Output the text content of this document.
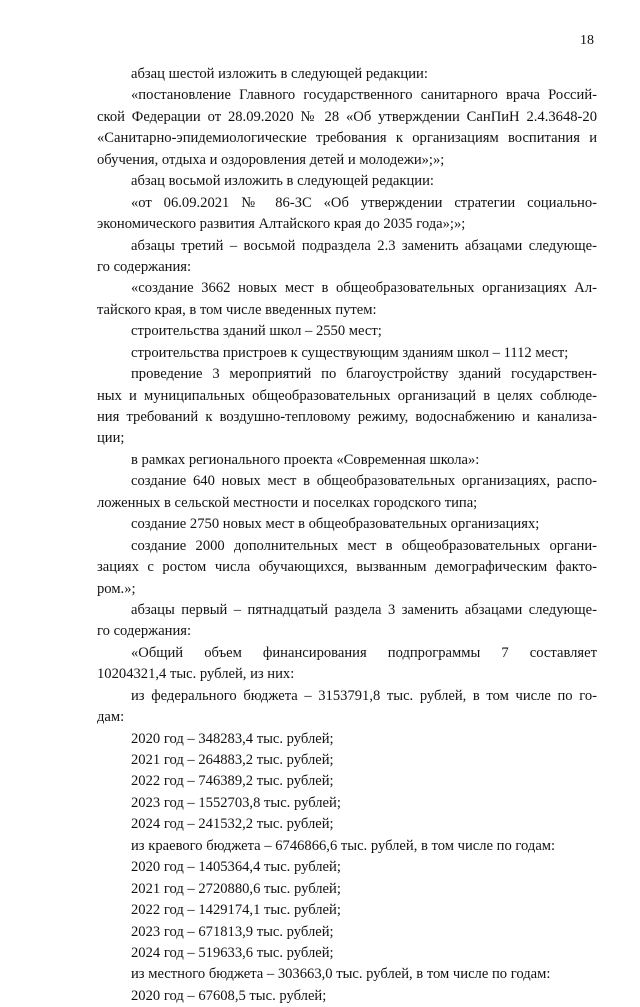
18
абзац шестой изложить в следующей редакции:
«постановление Главного государственного санитарного врача Россий-
ской Федерации от 28.09.2020 № 28 «Об утверждении СанПиН 2.4.3648-20
«Санитарно-эпидемиологические требования к организациям воспитания и
обучения, отдыха и оздоровления детей и молодежи»;»;
абзац восьмой изложить в следующей редакции:
«от 06.09.2021 № 86-ЗС «Об утверждении стратегии социально-
экономического развития Алтайского края до 2035 года»;»;
абзацы третий – восьмой подраздела 2.3 заменить абзацами следующе-
го содержания:
«создание 3662 новых мест в общеобразовательных организациях Ал-
тайского края, в том числе введенных путем:
строительства зданий школ – 2550 мест;
строительства пристроев к существующим зданиям школ – 1112 мест;
проведение 3 мероприятий по благоустройству зданий государствен-
ных и муниципальных общеобразовательных организаций в целях соблюде-
ния требований к воздушно-тепловому режиму, водоснабжению и канализа-
ции;
в рамках регионального проекта «Современная школа»:
создание 640 новых мест в общеобразовательных организациях, распо-
ложенных в сельской местности и поселках городского типа;
создание 2750 новых мест в общеобразовательных организациях;
создание 2000 дополнительных мест в общеобразовательных органи-
зациях с ростом числа обучающихся, вызванным демографическим факто-
ром.»;
абзацы первый – пятнадцатый раздела 3 заменить абзацами следующе-
го содержания:
«Общий объем финансирования подпрограммы 7 составляет
10204321,4 тыс. рублей, из них:
из федерального бюджета – 3153791,8 тыс. рублей, в том числе по го-
дам:
2020 год – 348283,4 тыс. рублей;
2021 год – 264883,2 тыс. рублей;
2022 год – 746389,2 тыс. рублей;
2023 год – 1552703,8 тыс. рублей;
2024 год – 241532,2 тыс. рублей;
из краевого бюджета – 6746866,6 тыс. рублей, в том числе по годам:
2020 год – 1405364,4 тыс. рублей;
2021 год – 2720880,6 тыс. рублей;
2022 год – 1429174,1 тыс. рублей;
2023 год – 671813,9 тыс. рублей;
2024 год – 519633,6 тыс. рублей;
из местного бюджета – 303663,0 тыс. рублей, в том числе по годам:
2020 год – 67608,5 тыс. рублей;
